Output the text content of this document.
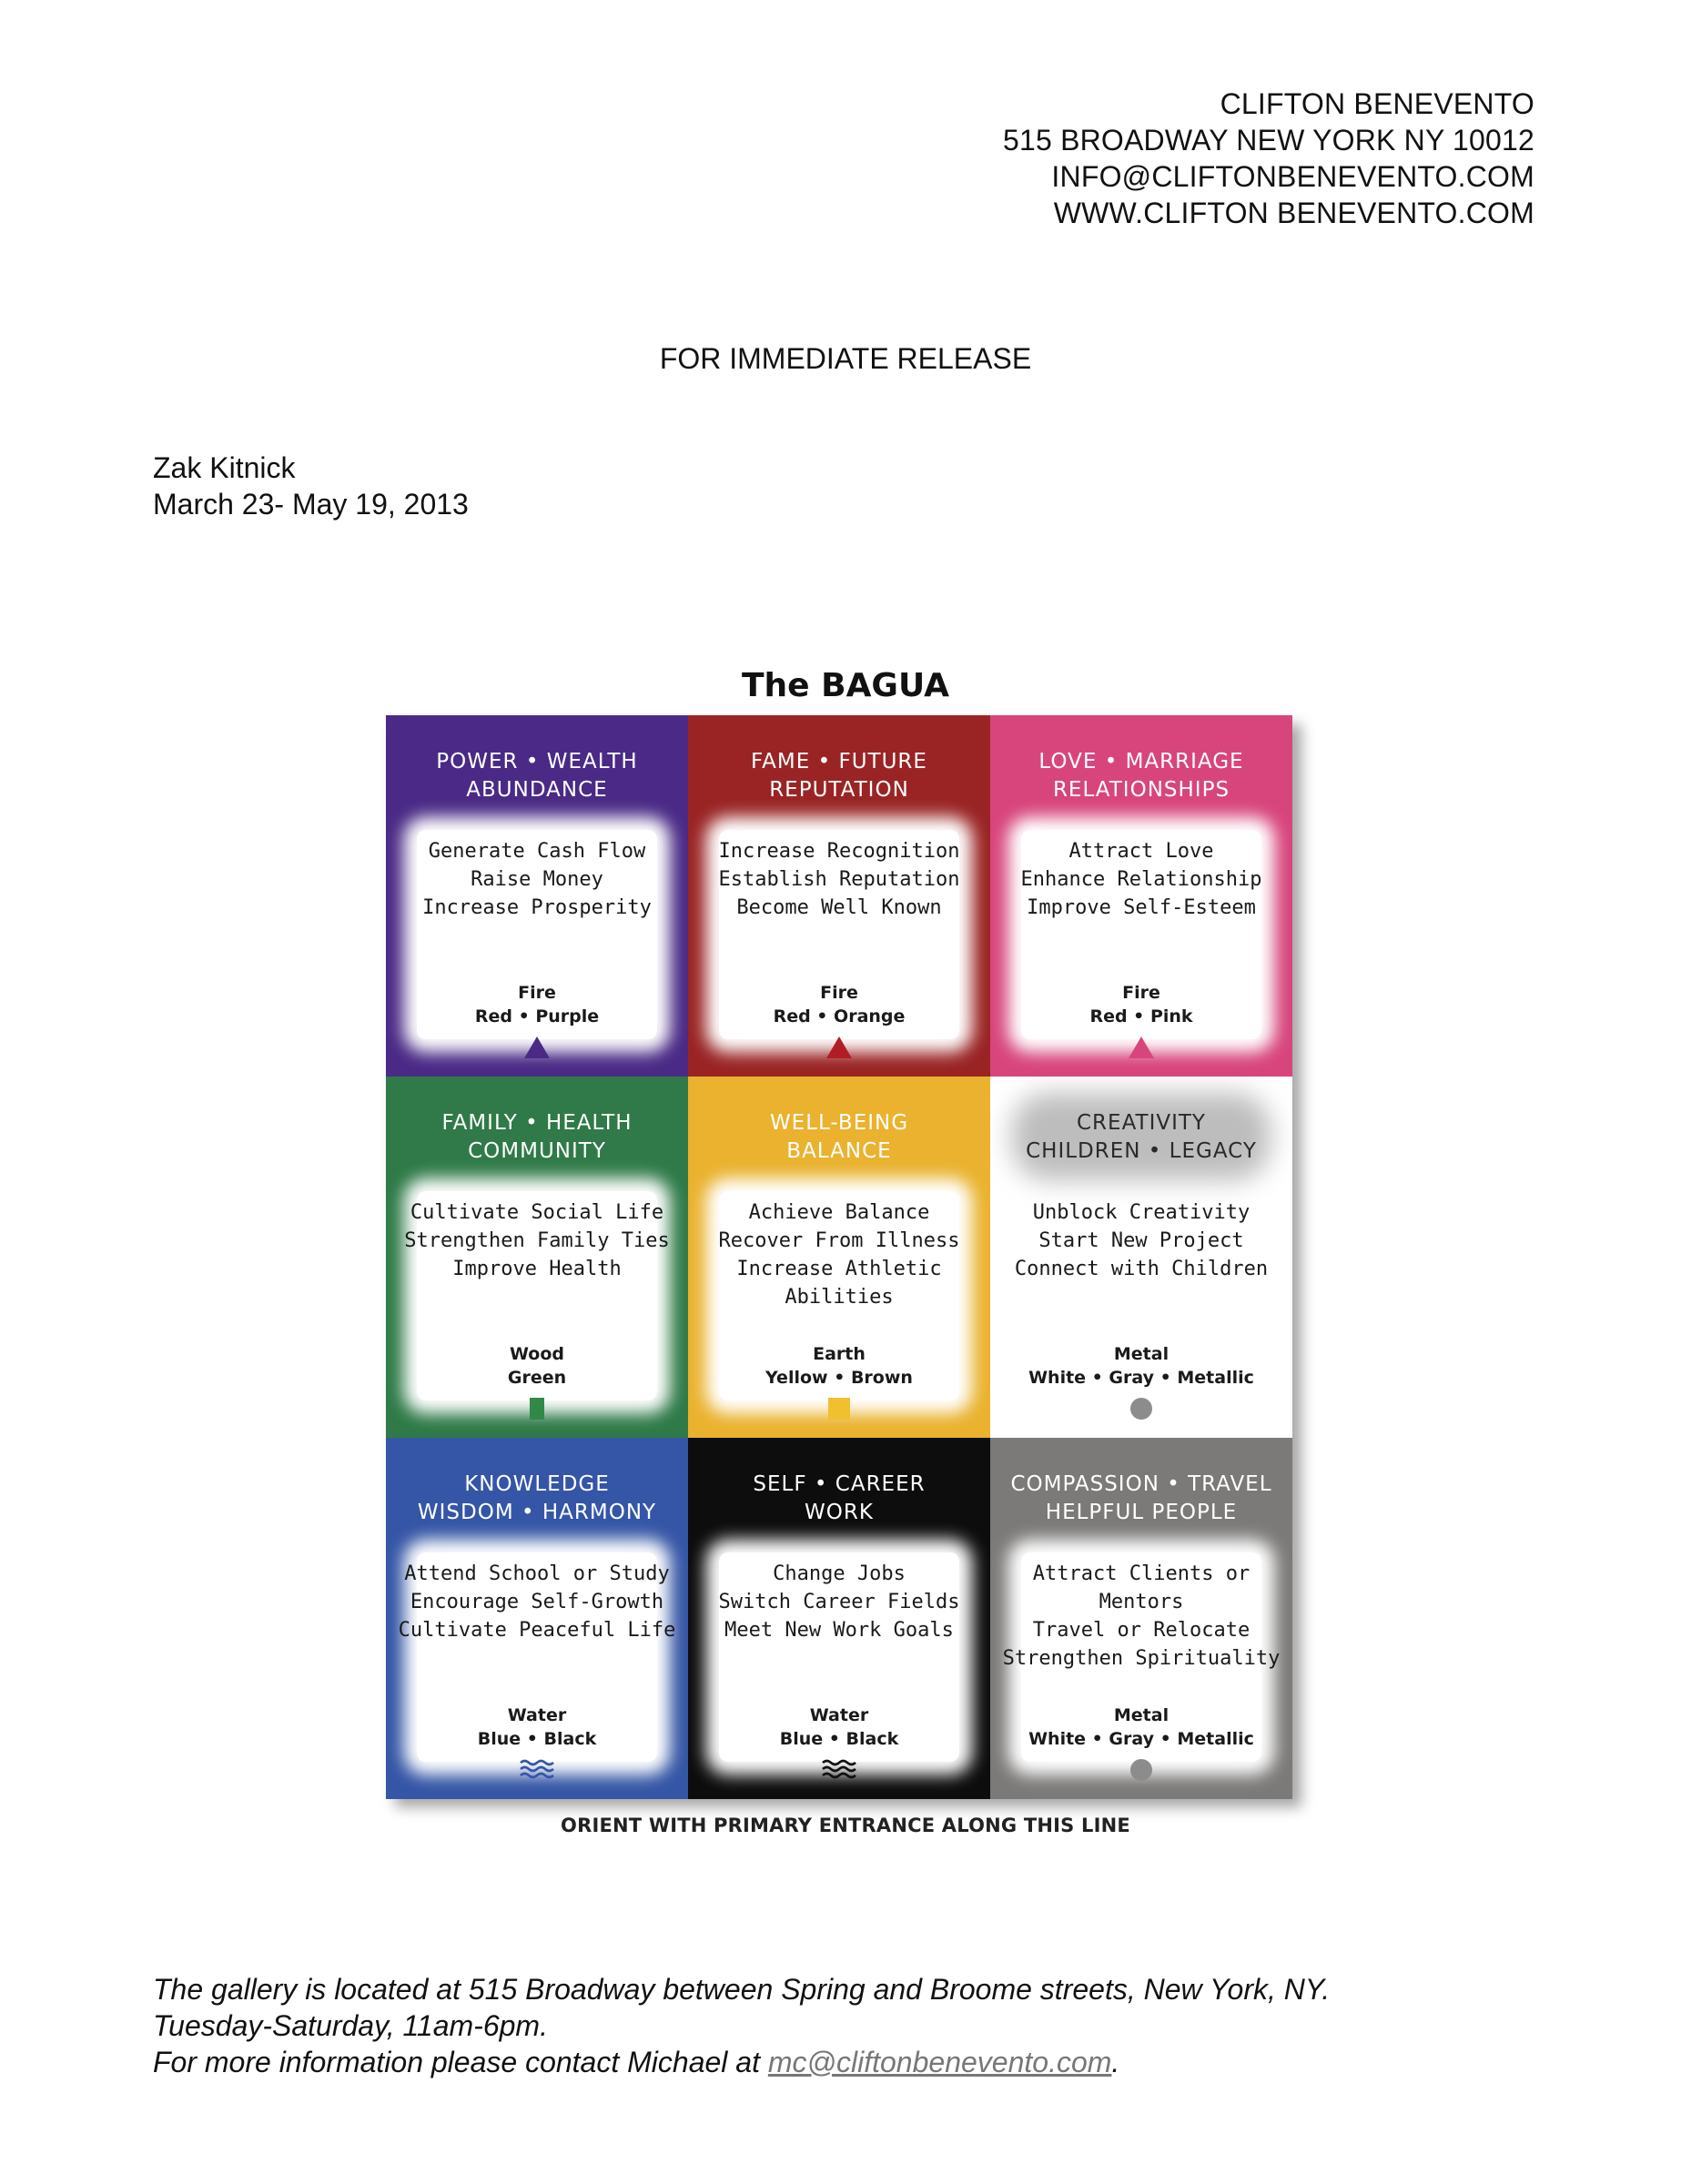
CLIFTON BENEVENTO
515 BROADWAY NEW YORK NY 10012
INFO@CLIFTONBENEVENTO.COM
WWW.CLIFTON BENEVENTO.COM
FOR IMMEDIATE RELEASE
Zak Kitnick
March 23- May 19, 2013
The BAGUA
POWER • WEALTH
ABUNDANCE
Generate Cash Flow
Raise Money
Increase Prosperity
Fire
Red • Purple
FAME • FUTURE
REPUTATION
Increase Recognition
Establish Reputation
Become Well Known
Fire
Red • Orange
LOVE • MARRIAGE
RELATIONSHIPS
Attract Love
Enhance Relationship
Improve Self-Esteem
Fire
Red • Pink
FAMILY • HEALTH
COMMUNITY
Cultivate Social Life
Strengthen Family Ties
Improve Health
Wood
Green
WELL-BEING
BALANCE
Achieve Balance
Recover From Illness
Increase Athletic Abilities
Earth
Yellow • Brown
CREATIVITY
CHILDREN • LEGACY
Unblock Creativity
Start New Project
Connect with Children
Metal
White • Gray • Metallic
KNOWLEDGE
WISDOM • HARMONY
Attend School or Study
Encourage Self-Growth
Cultivate Peaceful Life
Water
Blue • Black
SELF • CAREER
WORK
Change Jobs
Switch Career Fields
Meet New Work Goals
Water
Blue • Black
COMPASSION • TRAVEL
HELPFUL PEOPLE
Attract Clients or Mentors
Travel or Relocate
Strengthen Spirituality
Metal
White • Gray • Metallic
ORIENT WITH PRIMARY ENTRANCE ALONG THIS LINE
The gallery is located at 515 Broadway between Spring and Broome streets, New York, NY.
Tuesday-Saturday, 11am-6pm.
For more information please contact Michael at mc@cliftonbenevento.com.
